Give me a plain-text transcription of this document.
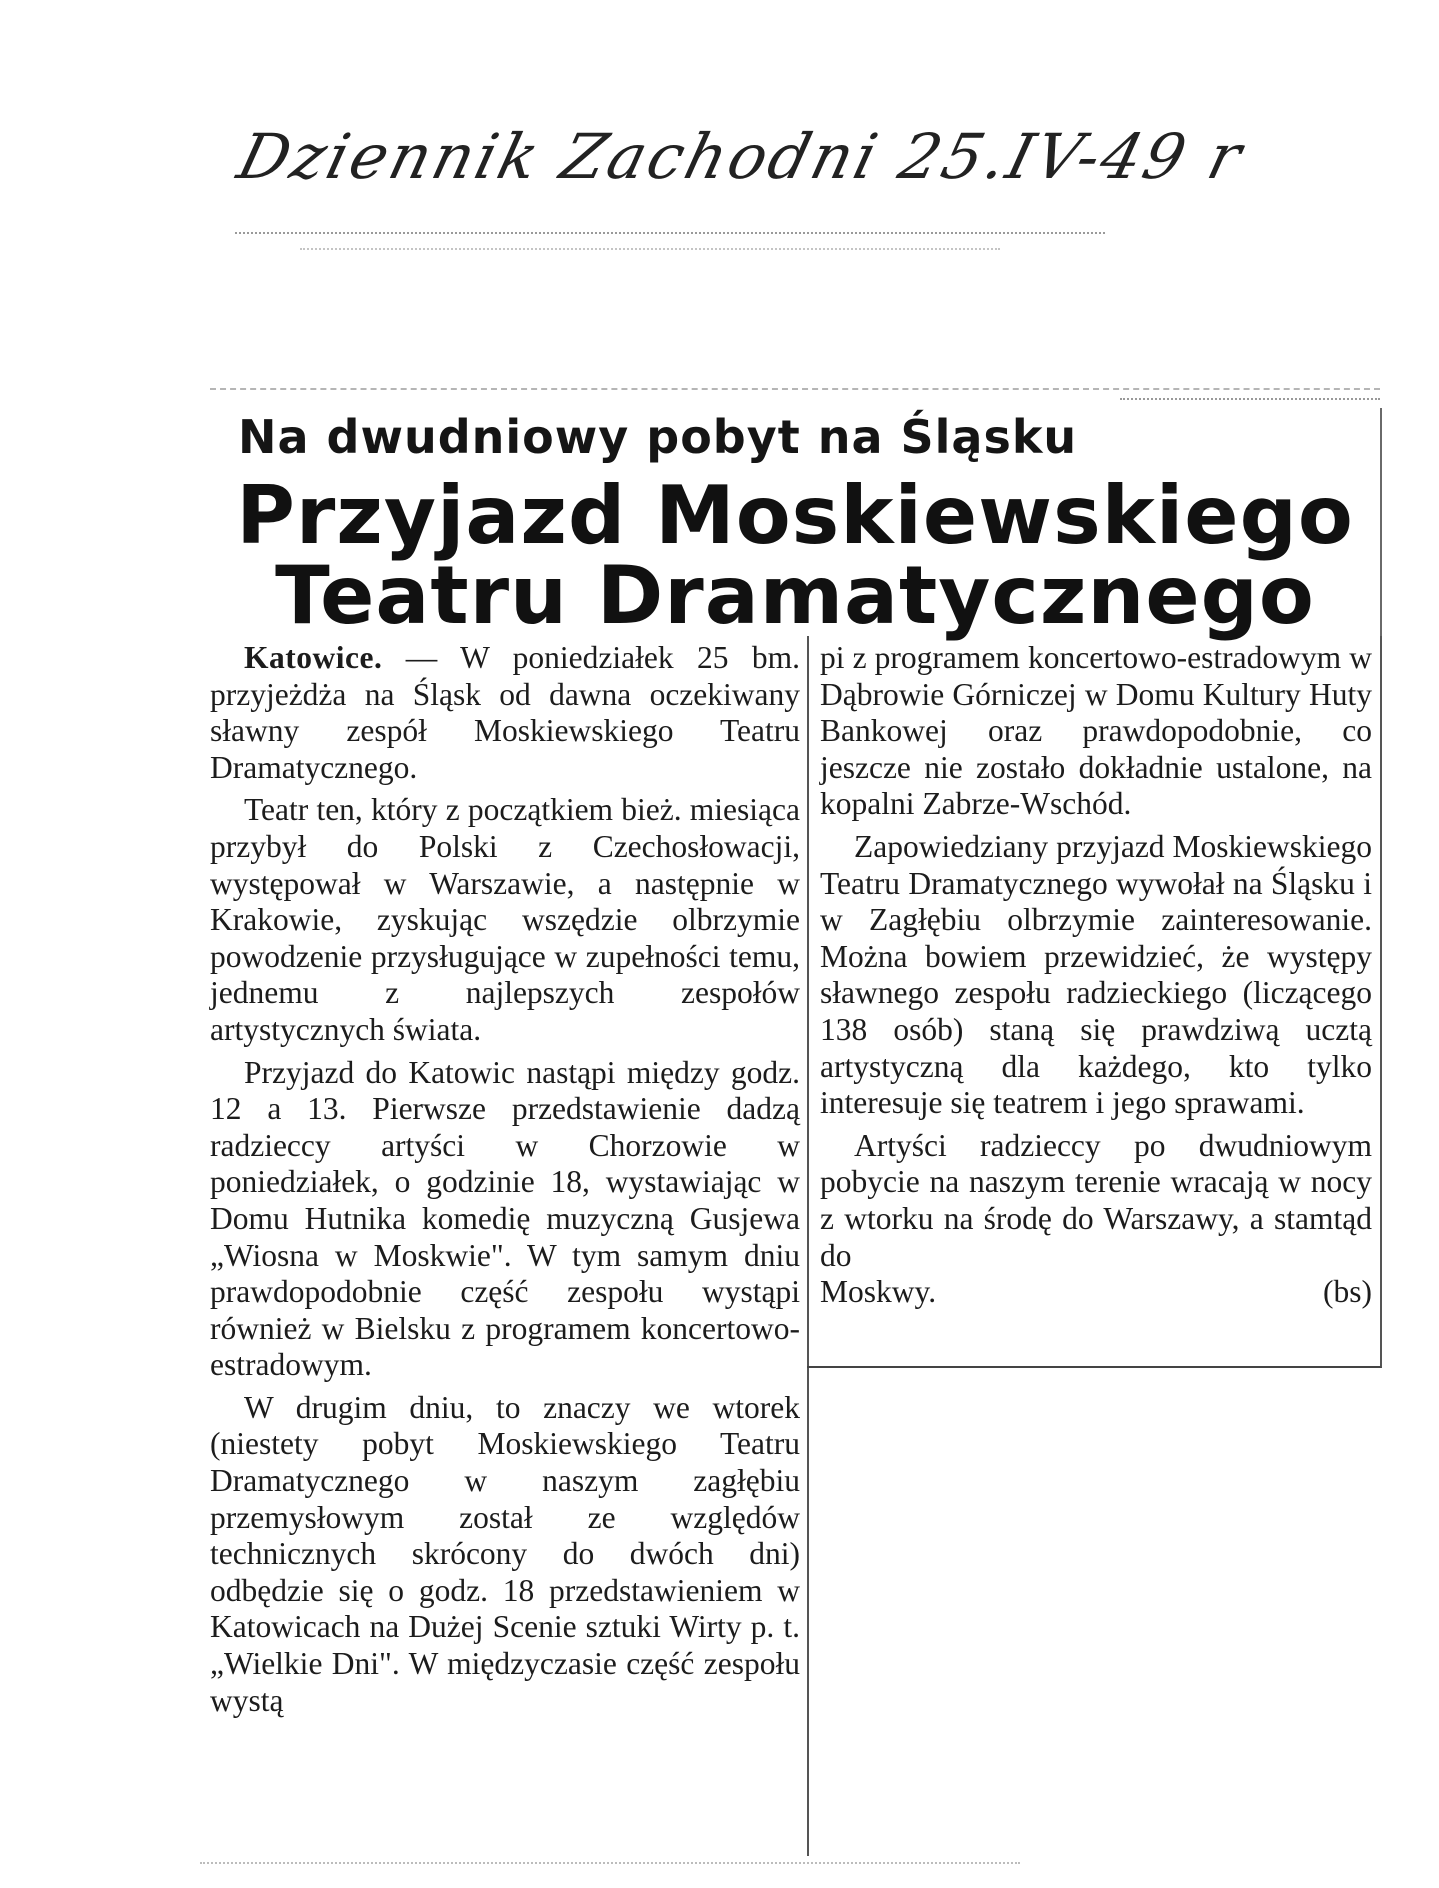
Dziennik Zachodni 25.IV-49 r
Na dwudniowy pobyt na Śląsku
Przyjazd Moskiewskiego
Teatru Dramatycznego

Katowice. — W poniedziałek 25 bm. przyjeżdża na Śląsk od dawna oczekiwany sławny zespół Moskiewskiego Teatru Dramatycznego.

Teatr ten, który z początkiem bież. miesiąca przybył do Polski z Czechosłowacji, występował w Warszawie, a następnie w Krakowie, zyskując wszędzie olbrzymie powodzenie przysługujące w zupełności temu, jednemu z najlepszych zespołów artystycznych świata.

Przyjazd do Katowic nastąpi między godz. 12 a 13. Pierwsze przedstawienie dadzą radzieccy artyści w Chorzowie w poniedziałek, o godzinie 18, wystawiając w Domu Hutnika komedię muzyczną Gusjewa „Wiosna w Moskwie". W tym samym dniu prawdopodobnie część zespołu wystąpi również w Bielsku z programem koncertowo-estradowym.

W drugim dniu, to znaczy we wtorek (niestety pobyt Moskiewskiego Teatru Dramatycznego w naszym zagłębiu przemysłowym został ze względów technicznych skrócony do dwóch dni) odbędzie się o godz. 18 przedstawieniem w Katowicach na Dużej Scenie sztuki Wirty p. t. „Wielkie Dni". W międzyczasie część zespołu wystą

pi z programem koncertowo-estradowym w Dąbrowie Górniczej w Domu Kultury Huty Bankowej oraz prawdopodobnie, co jeszcze nie zostało dokładnie ustalone, na kopalni Zabrze-Wschód.

Zapowiedziany przyjazd Moskiewskiego Teatru Dramatycznego wywołał na Śląsku i w Zagłębiu olbrzymie zainteresowanie. Można bowiem przewidzieć, że występy sławnego zespołu radzieckiego (liczącego 138 osób) staną się prawdziwą ucztą artystyczną dla każdego, kto tylko interesuje się teatrem i jego sprawami.

Artyści radzieccy po dwudniowym pobycie na naszym terenie wracają w nocy z wtorku na środę do Warszawy, a stamtąd do

Moskwy.	(bs)
